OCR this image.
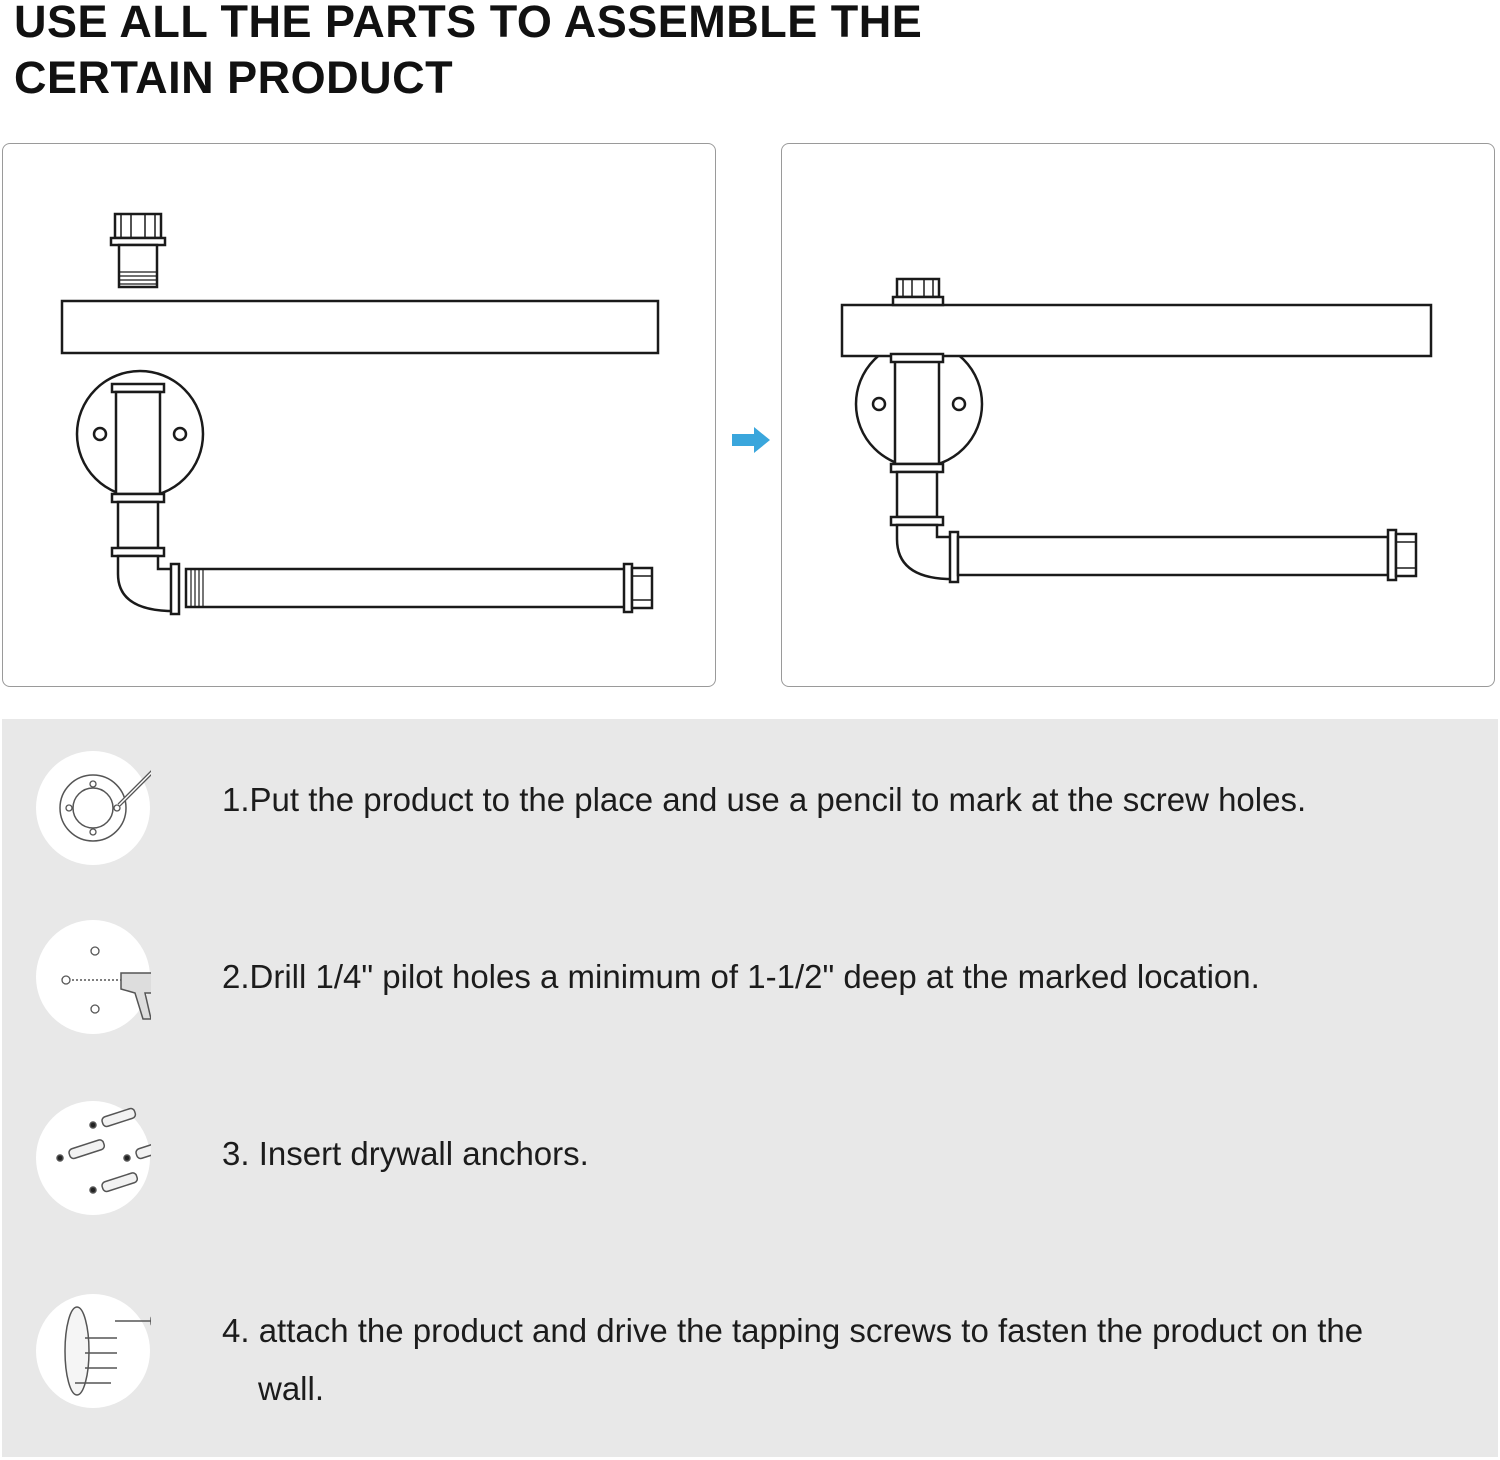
USE ALL THE PARTS TO ASSEMBLE THE
CERTAIN PRODUCT

1.Put the product to the place and use a pencil to mark at the screw holes.

2.Drill 1/4" pilot holes a minimum of 1-1/2" deep at the marked location.

3. Insert drywall anchors.

4. attach the product and drive the tapping screws to fasten the product on the
wall.
